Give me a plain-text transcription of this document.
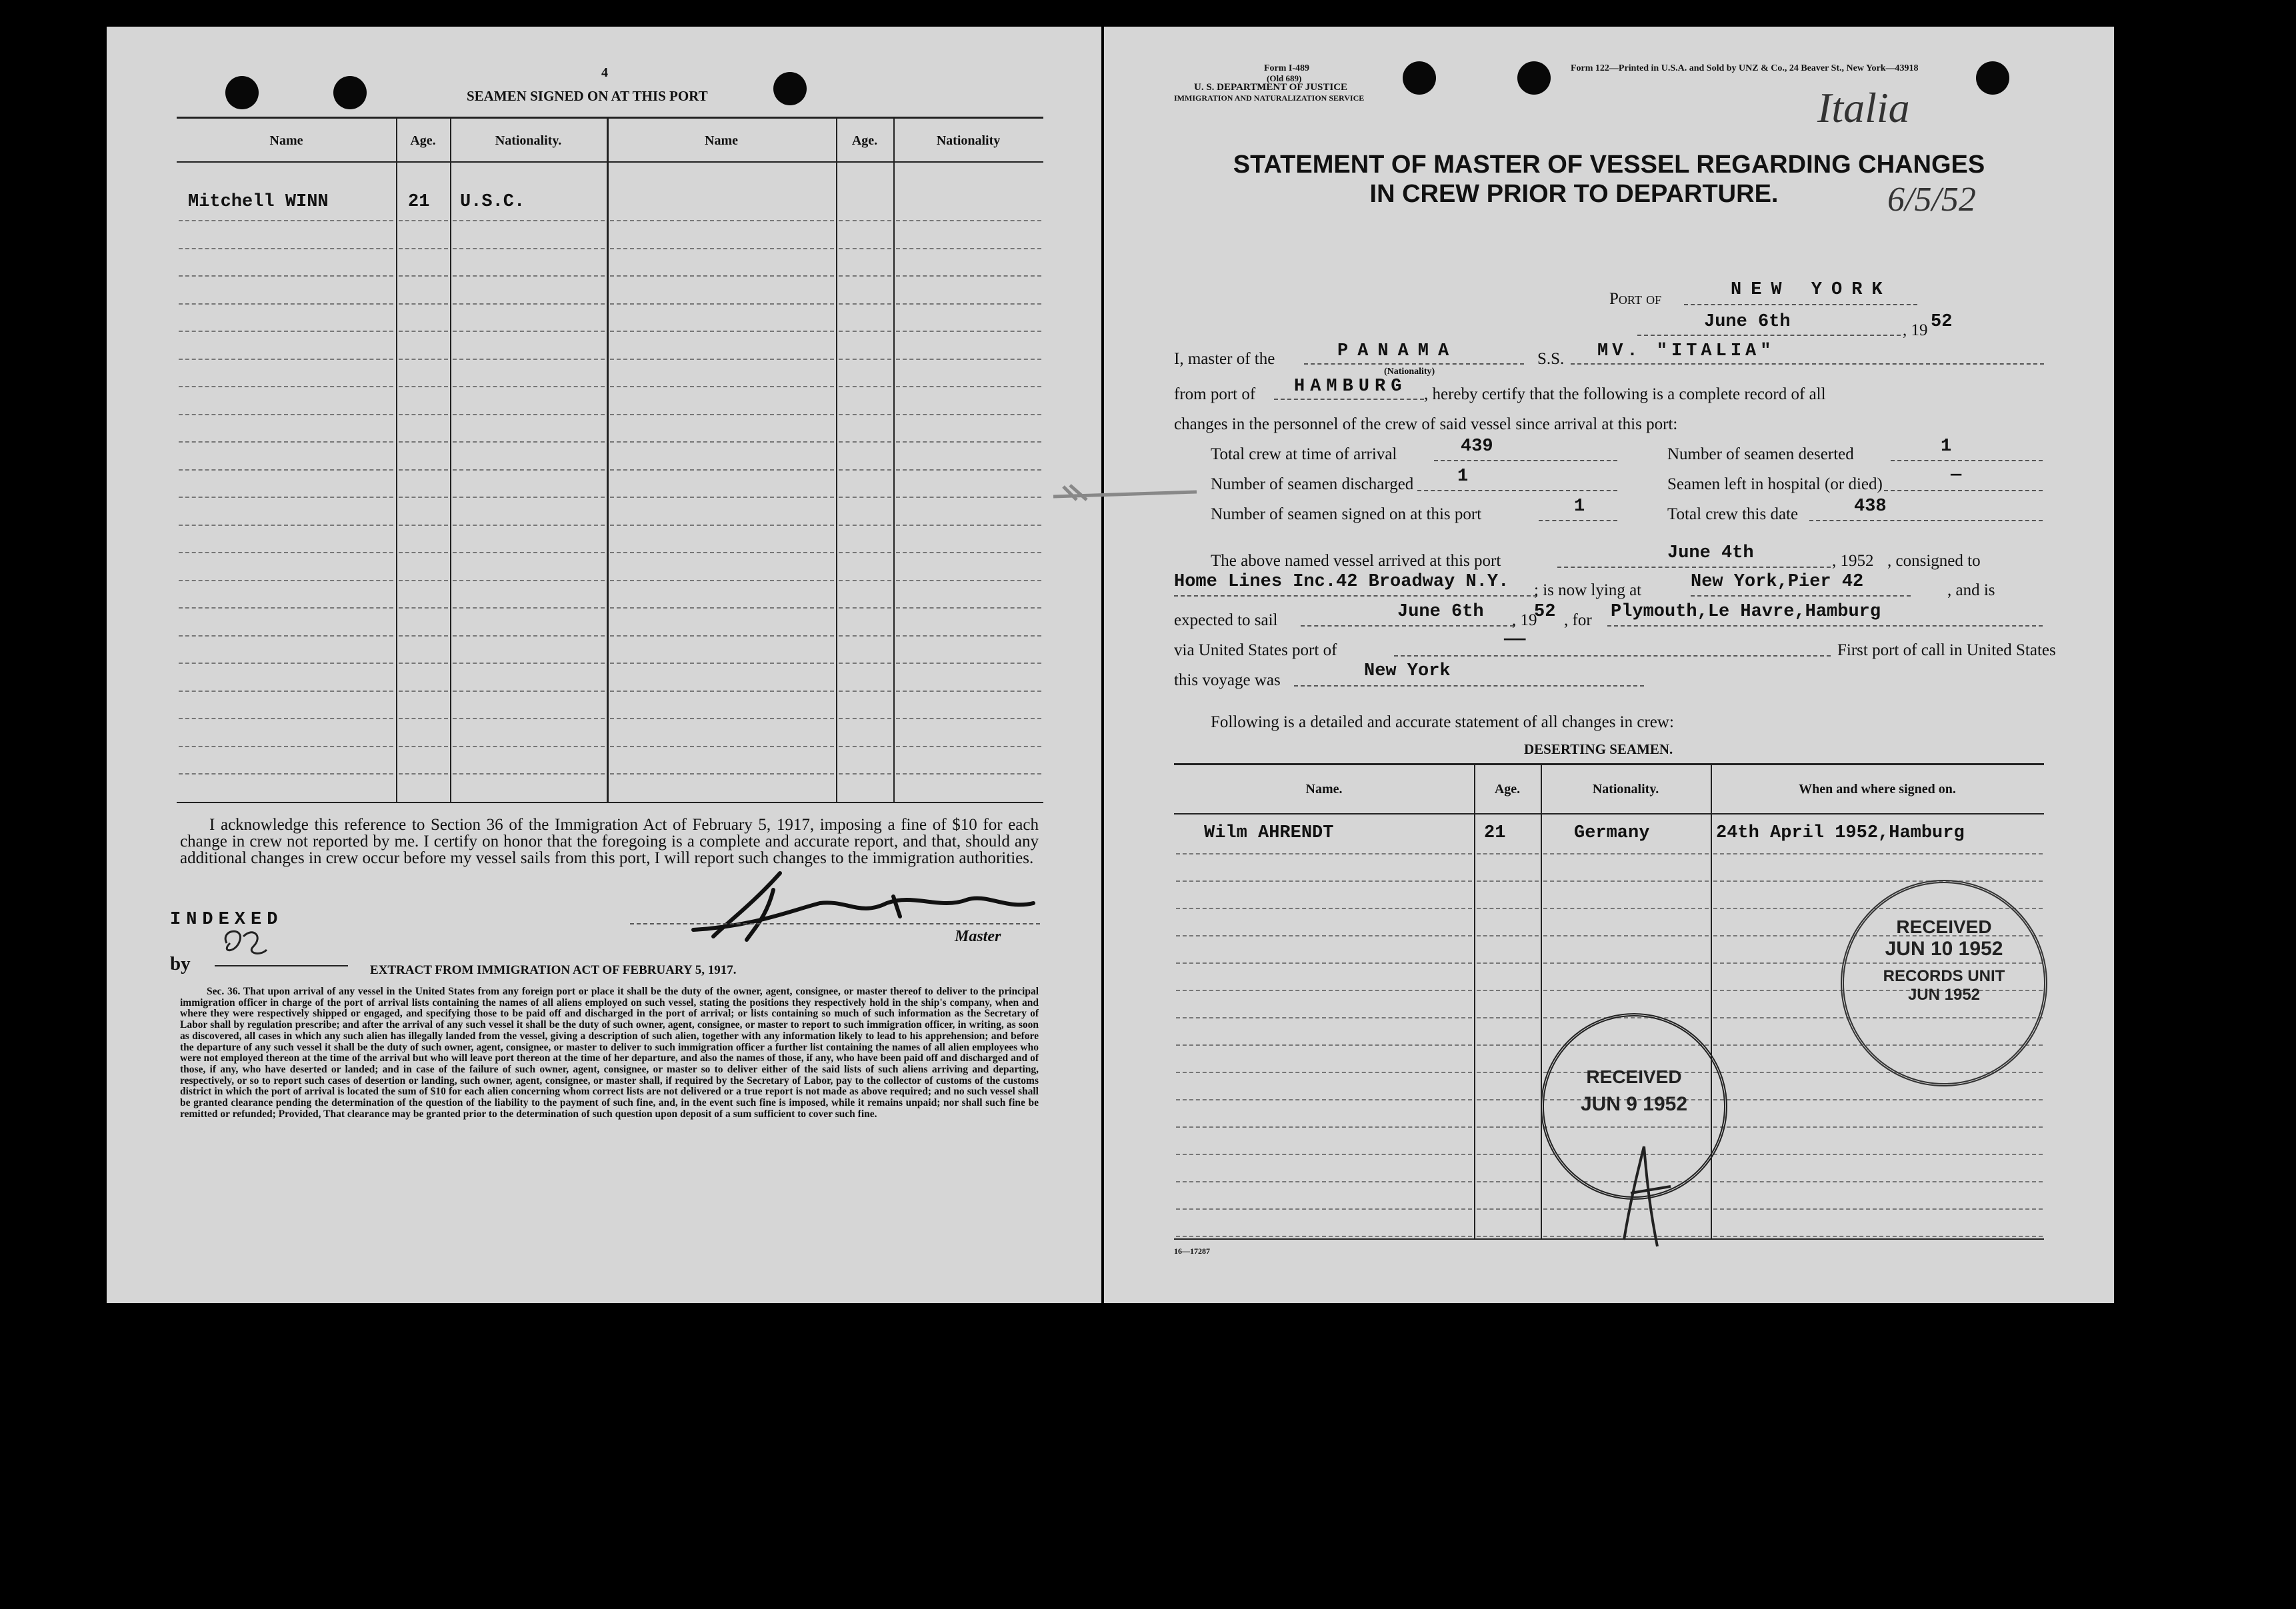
4
SEAMEN SIGNED ON AT THIS PORT
Name	Age.	Nationality.	Name	Age.	Nationality
Mitchell WINN	21 U.S.C.
I acknowledge this reference to Section 36 of the Immigration Act of February 5, 1917, imposing a fine of $10 for each change in crew not reported by me. I certify on honor that the foregoing is a complete and accurate report, and that, should any additional changes in crew occur before my vessel sails from this port, I will report such changes to the immigration authorities.
INDEXED
by
Master
EXTRACT FROM IMMIGRATION ACT OF FEBRUARY 5, 1917.
Sec. 36. That upon arrival of any vessel in the United States from any foreign port or place it shall be the duty of the owner, agent, consignee, or master thereof to deliver to the principal immigration officer in charge of the port of arrival lists containing the names of all aliens employed on such vessel, stating the positions they respectively hold in the ship's company, when and where they were respectively shipped or engaged, and specifying those to be paid off and discharged in the port of arrival; or lists containing so much of such information as the Secretary of Labor shall by regulation prescribe; and after the arrival of any such vessel it shall be the duty of such owner, agent, consignee, or master to report to such immigration officer, in writing, as soon as discovered, all cases in which any such alien has illegally landed from the vessel, giving a description of such alien, together with any information likely to lead to his apprehension; and before the departure of any such vessel it shall be the duty of such owner, agent, consignee, or master to deliver to such immigration officer a further list containing the names of all alien employees who were not employed thereon at the time of the arrival but who will leave port thereon at the time of her departure, and also the names of those, if any, who have been paid off and discharged and of those, if any, who have deserted or landed; and in case of the failure of such owner, agent, consignee, or master so to deliver either of the said lists of such aliens arriving and departing, respectively, or so to report such cases of desertion or landing, such owner, agent, consignee, or master shall, if required by the Secretary of Labor, pay to the collector of customs of the customs district in which the port of arrival is located the sum of $10 for each alien concerning whom correct lists are not delivered or a true report is not made as above required; and no such vessel shall be granted clearance pending the determination of the question of the liability to the payment of such fine, and, in the event such fine is imposed, while it remains unpaid; nor shall such fine be remitted or refunded; Provided, That clearance may be granted prior to the determination of such question upon deposit of a sum sufficient to cover such fine.
Form I-489
(Old 689)
U. S. DEPARTMENT OF JUSTICE
IMMIGRATION AND NATURALIZATION SERVICE
Form 122—Printed in U.S.A. and Sold by UNZ & Co., 24 Beaver St., New York—43918
Italia
6/5/52
STATEMENT OF MASTER OF VESSEL REGARDING CHANGES
IN CREW PRIOR TO DEPARTURE.
Port of	NEW YORK
June 6th	, 19 52
I, master of the	PANAMA
(Nationality)
S.S. MV. "ITALIA"
from port of HAMBURG , hereby certify that the following is a complete record of all
changes in the personnel of the crew of said vessel since arrival at this port:
Total crew at time of arrival	439	Number of seamen deserted	1
Number of seamen discharged 1	Seamen left in hospital (or died)	—
Number of seamen signed on at this port	1	Total crew this date	438
The above named vessel arrived at this port	June 4th	, 1952 , consigned to
Home Lines Inc.42 Broadway N.Y. ; is now lying at	New York,Pier 42	, and is
expected to sail	June 6th , 19
52 , for Plymouth,Le Havre,Hamburg
via United States port of
——
First port of call in United States
this voyage was	New York
Following is a detailed and accurate statement of all changes in crew:
DESERTING SEAMEN.
Name.	Age.	Nationality.	When and where signed on.
Wilm AHRENDT	21	Germany	24th April 1952,Hamburg
RECEIVED
JUN 10 1952
RECORDS UNIT
JUN 1952
RECEIVED
JUN 9 1952
16—17287
